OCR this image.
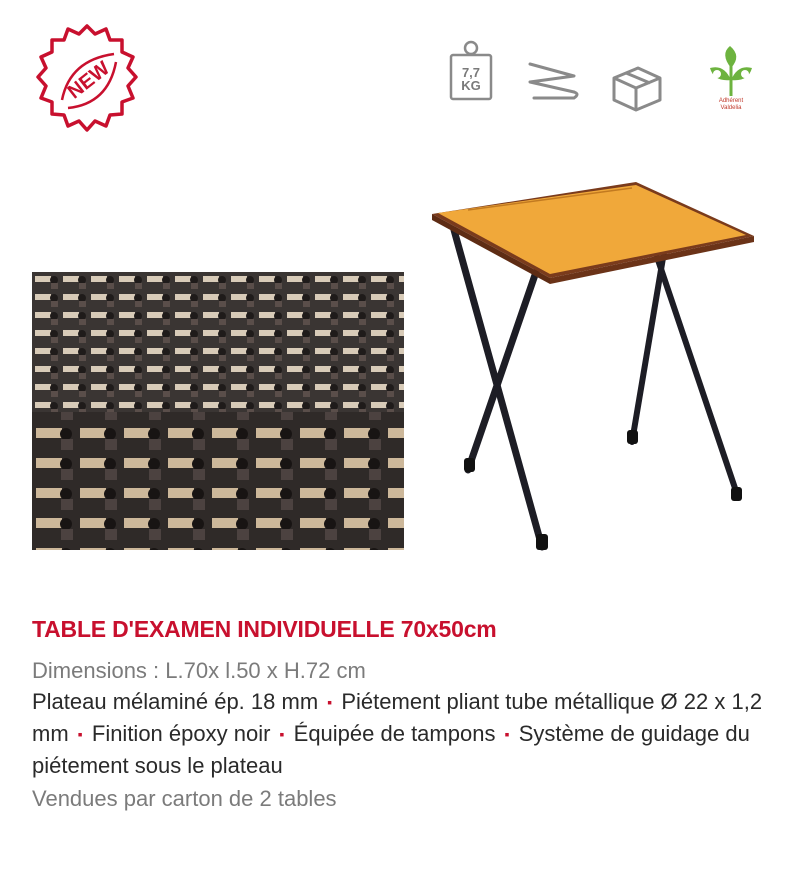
NEW	7,7
KG
Adhérent
Valdelia
TABLE D'EXAMEN INDIVIDUELLE 70x50cm

Dimensions : L.70x l.50 x H.72 cm

Plateau mélaminé ép. 18 mm ▪ Piétement pliant tube métallique Ø 22 x 1,2 mm ▪ Finition époxy noir ▪ Équipée de tampons ▪ Système de guidage du piétement sous le plateau

Vendues par carton de 2 tables
